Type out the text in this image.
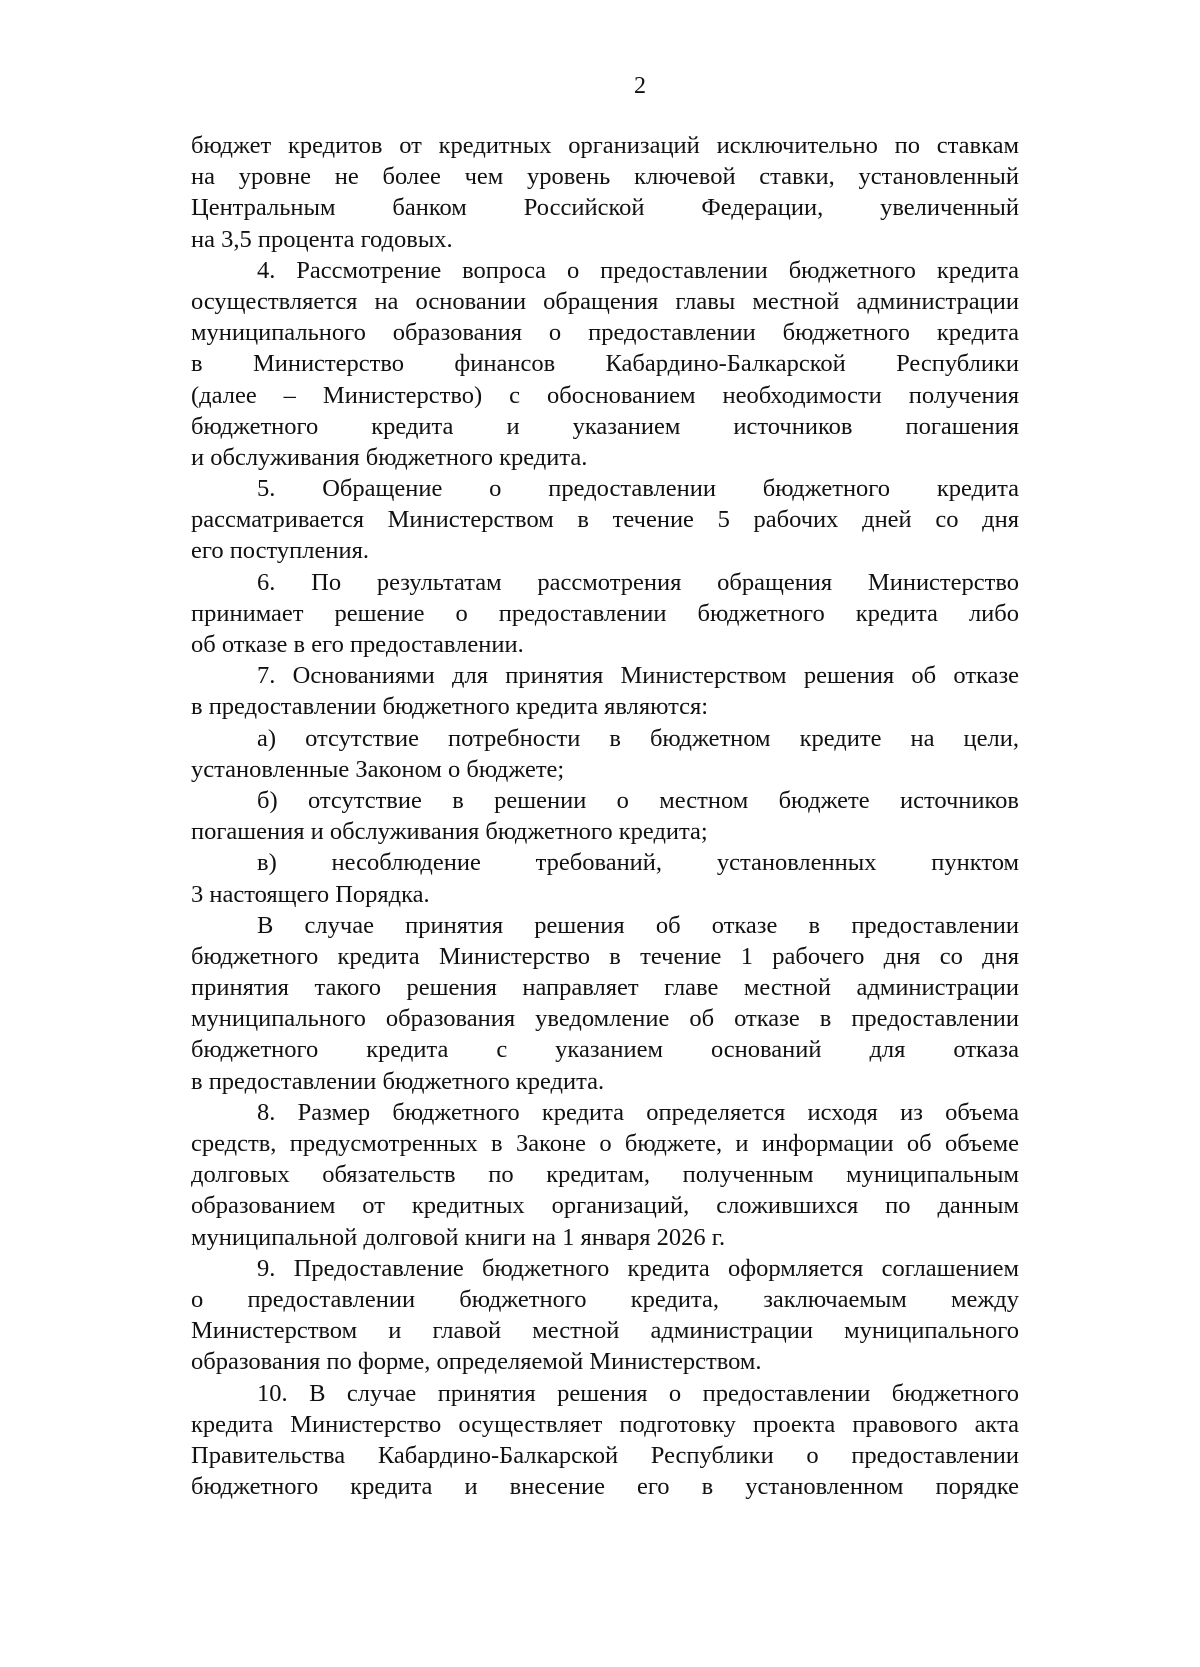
2
бюджет кредитов от кредитных организаций исключительно по ставкам
на уровне не более чем уровень ключевой ставки, установленный
Центральным банком Российской Федерации, увеличенный
на 3,5 процента годовых.
4. Рассмотрение вопроса о предоставлении бюджетного кредита
осуществляется на основании обращения главы местной администрации
муниципального образования о предоставлении бюджетного кредита
в Министерство финансов Кабардино-Балкарской Республики
(далее – Министерство) с обоснованием необходимости получения
бюджетного кредита и указанием источников погашения
и обслуживания бюджетного кредита.
5. Обращение о предоставлении бюджетного кредита
рассматривается Министерством в течение 5 рабочих дней со дня
его поступления.
6. По результатам рассмотрения обращения Министерство
принимает решение о предоставлении бюджетного кредита либо
об отказе в его предоставлении.
7. Основаниями для принятия Министерством решения об отказе
в предоставлении бюджетного кредита являются:
а) отсутствие потребности в бюджетном кредите на цели,
установленные Законом о бюджете;
б) отсутствие в решении о местном бюджете источников
погашения и обслуживания бюджетного кредита;
в) несоблюдение требований, установленных пунктом
3 настоящего Порядка.
В случае принятия решения об отказе в предоставлении
бюджетного кредита Министерство в течение 1 рабочего дня со дня
принятия такого решения направляет главе местной администрации
муниципального образования уведомление об отказе в предоставлении
бюджетного кредита с указанием оснований для отказа
в предоставлении бюджетного кредита.
8. Размер бюджетного кредита определяется исходя из объема
средств, предусмотренных в Законе о бюджете, и информации об объеме
долговых обязательств по кредитам, полученным муниципальным
образованием от кредитных организаций, сложившихся по данным
муниципальной долговой книги на 1 января 2026 г.
9. Предоставление бюджетного кредита оформляется соглашением
о предоставлении бюджетного кредита, заключаемым между
Министерством и главой местной администрации муниципального
образования по форме, определяемой Министерством.
10. В случае принятия решения о предоставлении бюджетного
кредита Министерство осуществляет подготовку проекта правового акта
Правительства Кабардино-Балкарской Республики о предоставлении
бюджетного кредита и внесение его в установленном порядке
